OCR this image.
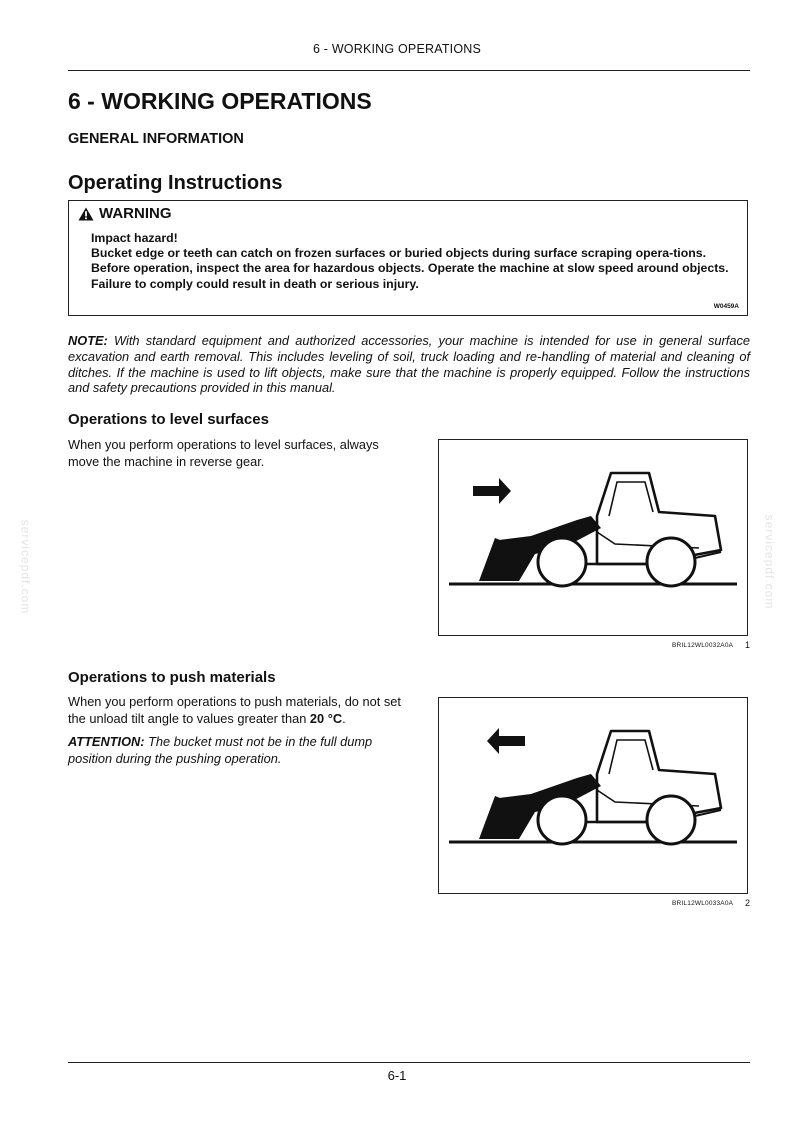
6 - WORKING OPERATIONS
6 - WORKING OPERATIONS
GENERAL INFORMATION
Operating Instructions
WARNING

Impact hazard!

Bucket edge or teeth can catch on frozen surfaces or buried objects during surface scraping opera-tions. Before operation, inspect the area for hazardous objects. Operate the machine at slow speed around objects.

Failure to comply could result in death or serious injury.

W0459A

NOTE: With standard equipment and authorized accessories, your machine is intended for use in general surface excavation and earth removal. This includes leveling of soil, truck loading and re-handling of material and cleaning of ditches. If the machine is used to lift objects, make sure that the machine is properly equipped. Follow the instructions and safety precautions provided in this manual.

Operations to level surfaces

When you perform operations to level surfaces, always move the machine in reverse gear.

BRIL12WL0032A0A 1
Operations to push materials

When you perform operations to push materials, do not set the unload tilt angle to values greater than 20 °C.

ATTENTION: The bucket must not be in the full dump position during the pushing operation.

BRIL12WL0033A0A 2
servicepdf.com	servicepdf.com
6-1
